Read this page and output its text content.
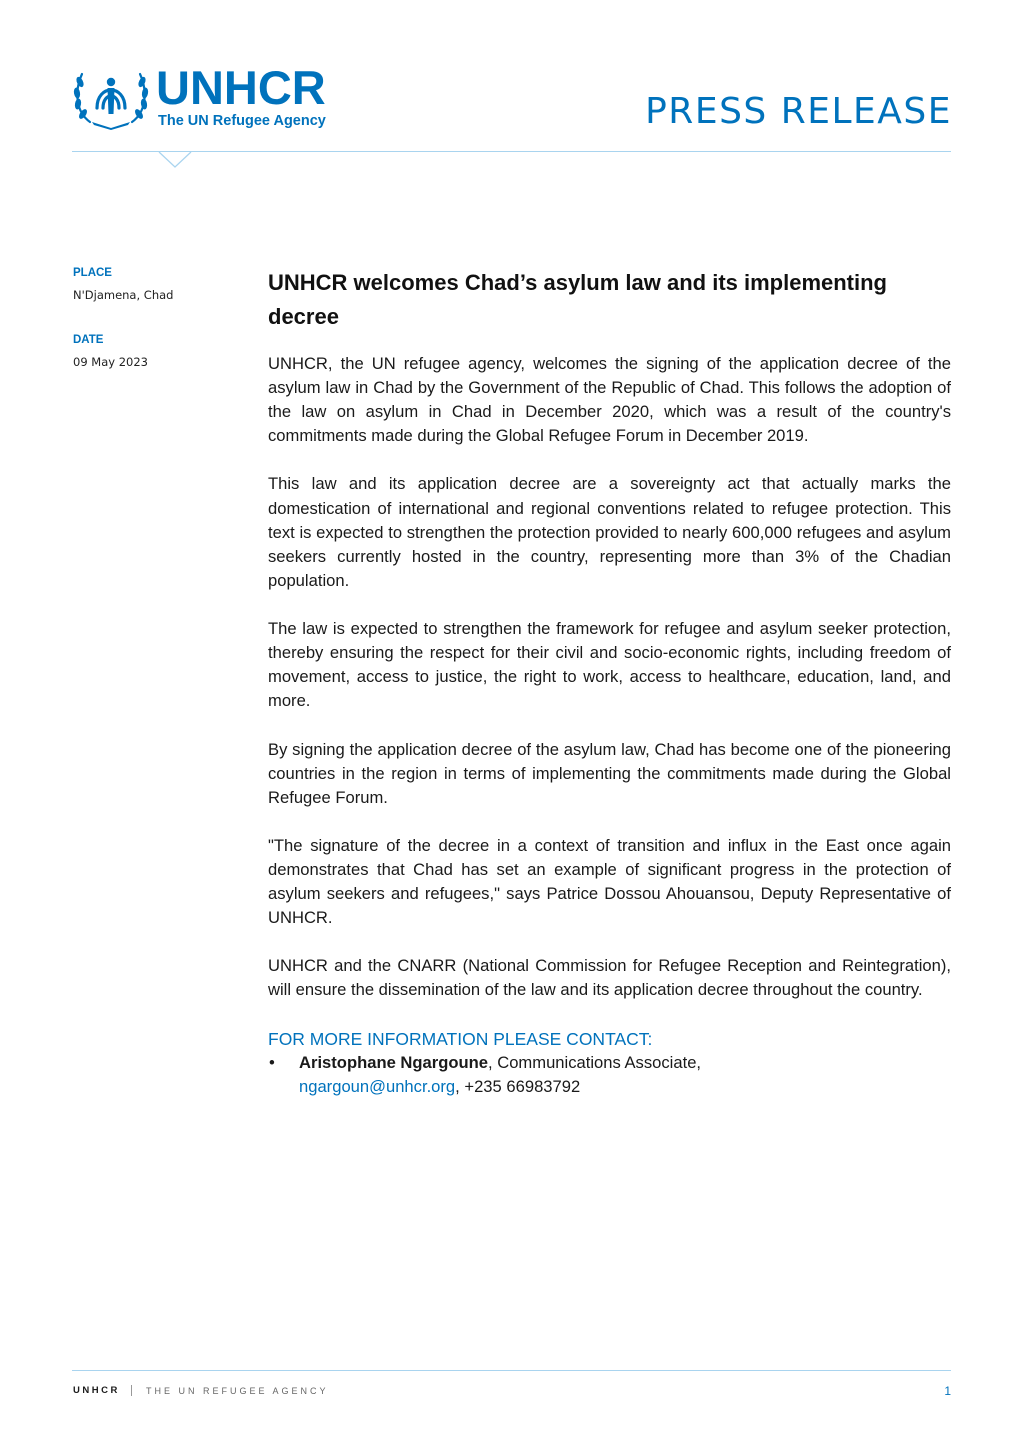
UNHCR
The UN Refugee Agency	PRESS RELEASE
PLACE
N'Djamena, Chad
DATE
09 May 2023
UNHCR welcomes Chad’s asylum law and its implementing decree

UNHCR, the UN refugee agency, welcomes the signing of the application decree of the asylum law in Chad by the Government of the Republic of Chad. This follows the adoption of the law on asylum in Chad in December 2020, which was a result of the country's commitments made during the Global Refugee Forum in December 2019.

This law and its application decree are a sovereignty act that actually marks the domestication of international and regional conventions related to refugee protection. This text is expected to strengthen the protection provided to nearly 600,000 refugees and asylum seekers currently hosted in the country, representing more than 3% of the Chadian population.

The law is expected to strengthen the framework for refugee and asylum seeker protection, thereby ensuring the respect for their civil and socio-economic rights, including freedom of movement, access to justice, the right to work, access to healthcare, education, land, and more.

By signing the application decree of the asylum law, Chad has become one of the pioneering countries in the region in terms of implementing the commitments made during the Global Refugee Forum.

"The signature of the decree in a context of transition and influx in the East once again demonstrates that Chad has set an example of significant progress in the protection of asylum seekers and refugees," says Patrice Dossou Ahouansou, Deputy Representative of UNHCR.

UNHCR and the CNARR (National Commission for Refugee Reception and Reintegration), will ensure the dissemination of the law and its application decree throughout the country.

FOR MORE INFORMATION PLEASE CONTACT:
• Aristophane Ngargoune, Communications Associate,
ngargoun@unhcr.org, +235 66983792
UNHCR	THE UN REFUGEE AGENCY	1
